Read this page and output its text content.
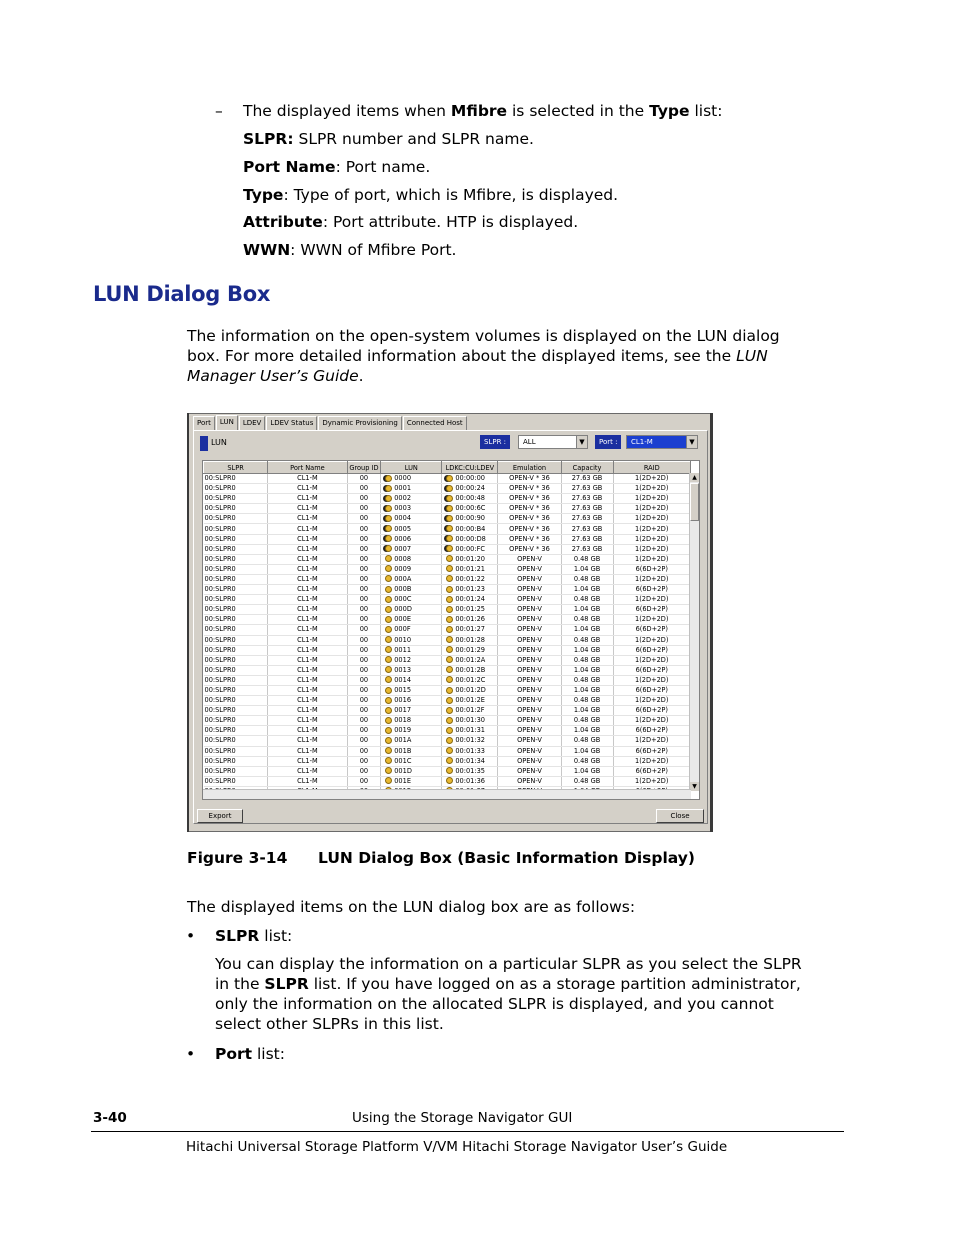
– The displayed items when Mfibre is selected in the Type list:
SLPR: SLPR number and SLPR name.
Port Name: Port name.
Type: Type of port, which is Mfibre, is displayed.
Attribute: Port attribute. HTP is displayed.
WWN: WWN of Mfibre Port.
LUN Dialog Box
The information on the open-system volumes is displayed on the LUN dialog
box. For more detailed information about the displayed items, see the LUN
Manager User’s Guide.
Port	LUN	LDEV	LDEV Status	Dynamic Provisioning	Connected Host
LUN	SLPR :	ALL	▼	Port :	CL1-M	▼
SLPR	Port Name	Group ID	LUN	LDKC:CU:LDEV	Emulation	Capacity	RAID
00:SLPR0	CL1-M	00	0000	00:00:00	OPEN-V * 36	27.63 GB	1(2D+2D)
00:SLPR0	CL1-M	00	0001	00:00:24	OPEN-V * 36	27.63 GB	1(2D+2D)
00:SLPR0	CL1-M	00	0002	00:00:48	OPEN-V * 36	27.63 GB	1(2D+2D)
00:SLPR0	CL1-M	00	0003	00:00:6C	OPEN-V * 36	27.63 GB	1(2D+2D)
00:SLPR0	CL1-M	00	0004	00:00:90	OPEN-V * 36	27.63 GB	1(2D+2D)
00:SLPR0	CL1-M	00	0005	00:00:B4	OPEN-V * 36	27.63 GB	1(2D+2D)
00:SLPR0	CL1-M	00	0006	00:00:D8	OPEN-V * 36	27.63 GB	1(2D+2D)
00:SLPR0	CL1-M	00	0007	00:00:FC	OPEN-V * 36	27.63 GB	1(2D+2D)
00:SLPR0	CL1-M	00	0008	00:01:20	OPEN-V	0.48 GB	1(2D+2D)
00:SLPR0	CL1-M	00	0009	00:01:21	OPEN-V	1.04 GB	6(6D+2P)
00:SLPR0	CL1-M	00	000A	00:01:22	OPEN-V	0.48 GB	1(2D+2D)
00:SLPR0	CL1-M	00	000B	00:01:23	OPEN-V	1.04 GB	6(6D+2P)
00:SLPR0	CL1-M	00	000C	00:01:24	OPEN-V	0.48 GB	1(2D+2D)
00:SLPR0	CL1-M	00	000D	00:01:25	OPEN-V	1.04 GB	6(6D+2P)
00:SLPR0	CL1-M	00	000E	00:01:26	OPEN-V	0.48 GB	1(2D+2D)
00:SLPR0	CL1-M	00	000F	00:01:27	OPEN-V	1.04 GB	6(6D+2P)
00:SLPR0	CL1-M	00	0010	00:01:28	OPEN-V	0.48 GB	1(2D+2D)
00:SLPR0	CL1-M	00	0011	00:01:29	OPEN-V	1.04 GB	6(6D+2P)
00:SLPR0	CL1-M	00	0012	00:01:2A	OPEN-V	0.48 GB	1(2D+2D)
00:SLPR0	CL1-M	00	0013	00:01:2B	OPEN-V	1.04 GB	6(6D+2P)
00:SLPR0	CL1-M	00	0014	00:01:2C	OPEN-V	0.48 GB	1(2D+2D)
00:SLPR0	CL1-M	00	0015	00:01:2D	OPEN-V	1.04 GB	6(6D+2P)
00:SLPR0	CL1-M	00	0016	00:01:2E	OPEN-V	0.48 GB	1(2D+2D)
00:SLPR0	CL1-M	00	0017	00:01:2F	OPEN-V	1.04 GB	6(6D+2P)
00:SLPR0	CL1-M	00	0018	00:01:30	OPEN-V	0.48 GB	1(2D+2D)
00:SLPR0	CL1-M	00	0019	00:01:31	OPEN-V	1.04 GB	6(6D+2P)
00:SLPR0	CL1-M	00	001A	00:01:32	OPEN-V	0.48 GB	1(2D+2D)
00:SLPR0	CL1-M	00	001B	00:01:33	OPEN-V	1.04 GB	6(6D+2P)
00:SLPR0	CL1-M	00	001C	00:01:34	OPEN-V	0.48 GB	1(2D+2D)
00:SLPR0	CL1-M	00	001D	00:01:35	OPEN-V	1.04 GB	6(6D+2P)
00:SLPR0	CL1-M	00	001E	00:01:36	OPEN-V	0.48 GB	1(2D+2D)

▲
▼
Export	Close
Figure 3-14 LUN Dialog Box (Basic Information Display)
The displayed items on the LUN dialog box are as follows:
• SLPR list:
You can display the information on a particular SLPR as you select the SLPR
in the SLPR list. If you have logged on as a storage partition administrator,
only the information on the allocated SLPR is displayed, and you cannot
select other SLPRs in this list.
• Port list:
3-40	Using the Storage Navigator GUI
Hitachi Universal Storage Platform V/VM Hitachi Storage Navigator User’s Guide
